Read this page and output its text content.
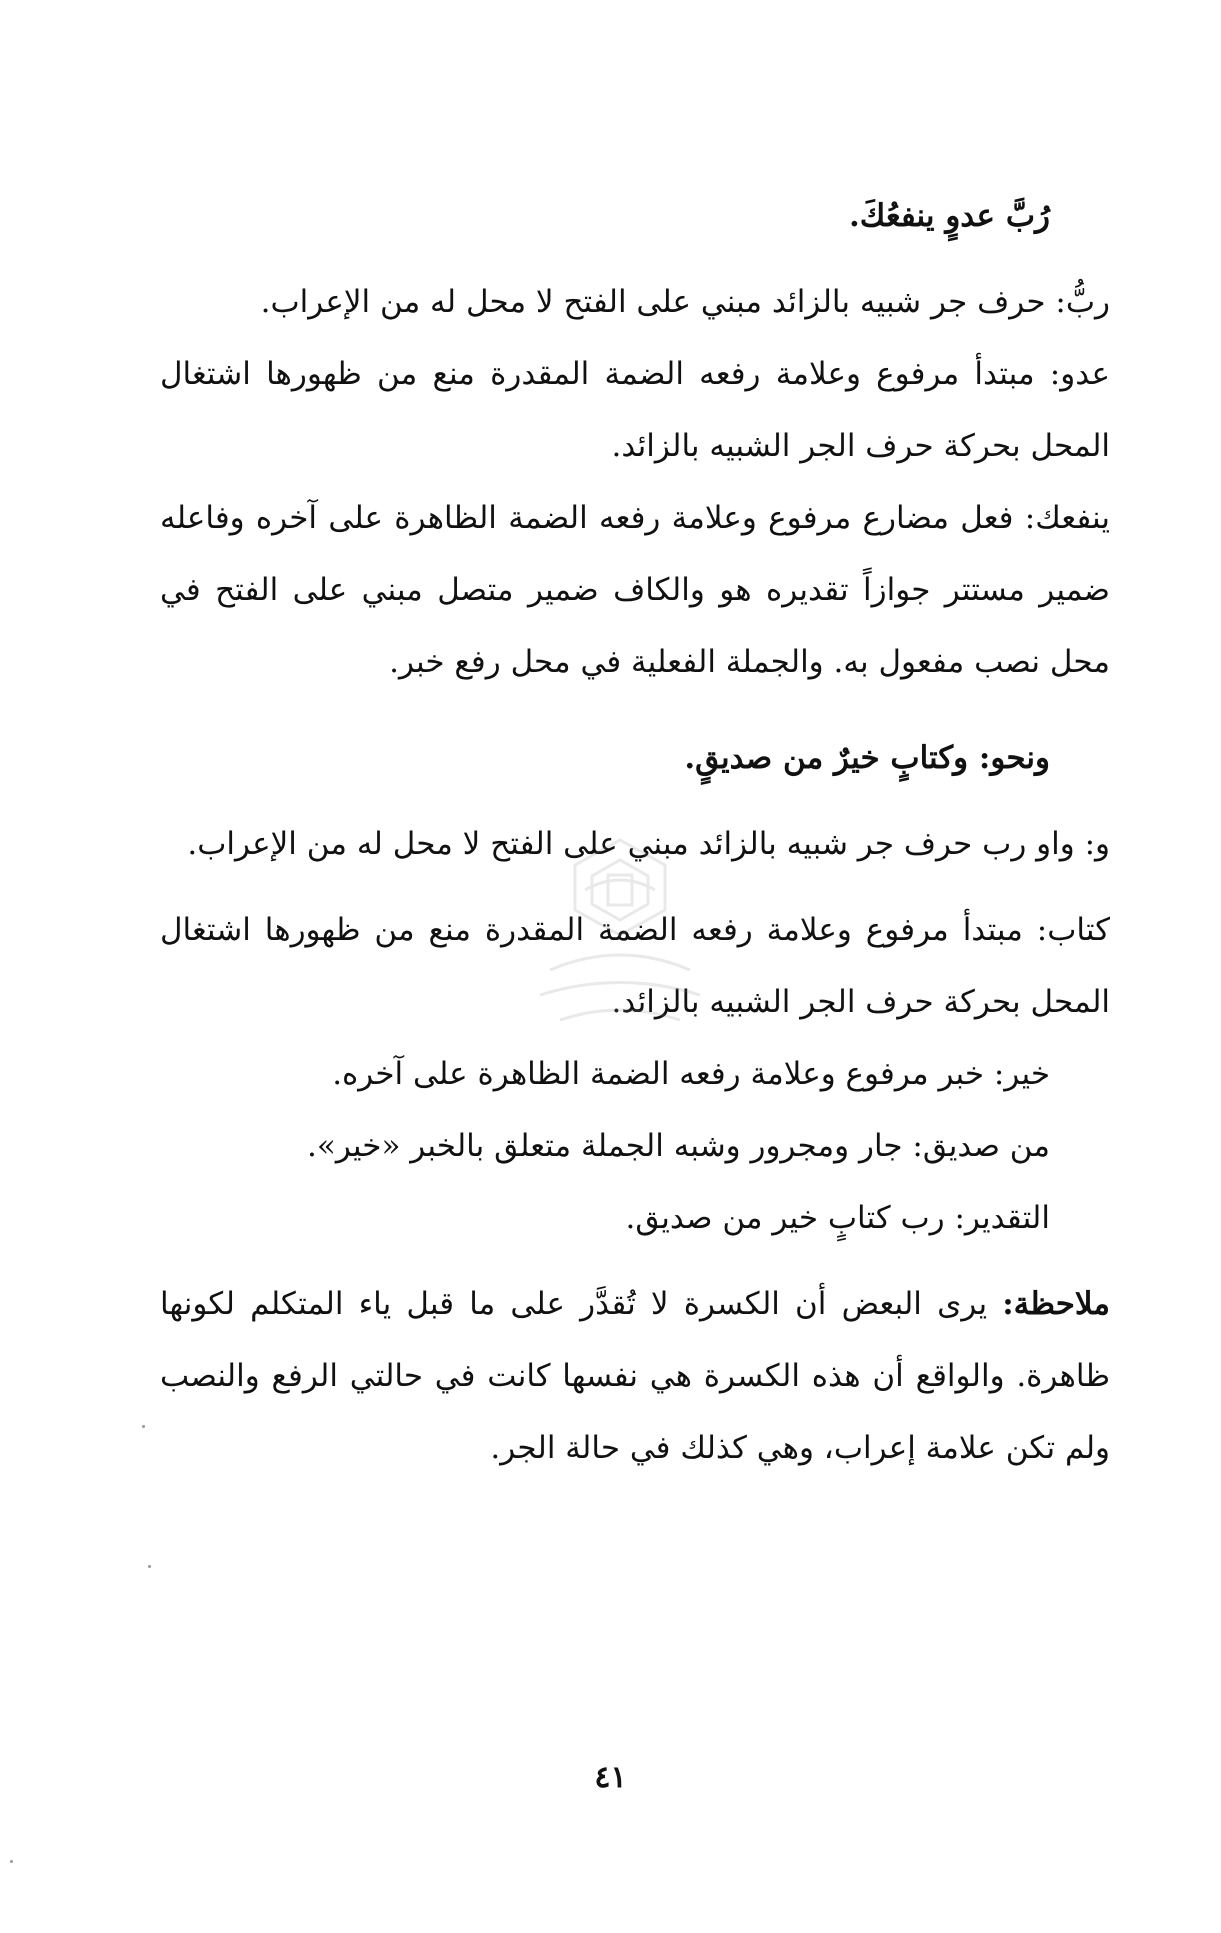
رُبَّ عدوٍ ينفعُكَ.

ربُّ: حرف جر شبيه بالزائد مبني على الفتح لا محل له من الإعراب.

عدو: مبتدأ مرفوع وعلامة رفعه الضمة المقدرة منع من ظهورها اشتغال المحل بحركة حرف الجر الشبيه بالزائد.

ينفعك: فعل مضارع مرفوع وعلامة رفعه الضمة الظاهرة على آخره وفاعله ضمير مستتر جوازاً تقديره هو والكاف ضمير متصل مبني على الفتح في محل نصب مفعول به. والجملة الفعلية في محل رفع خبر.

ونحو: وكتابٍ خيرٌ من صديقٍ.

و: واو رب حرف جر شبيه بالزائد مبني على الفتح لا محل له من الإعراب.

كتاب: مبتدأ مرفوع وعلامة رفعه الضمة المقدرة منع من ظهورها اشتغال المحل بحركة حرف الجر الشبيه بالزائد.

خير: خبر مرفوع وعلامة رفعه الضمة الظاهرة على آخره.

من صديق: جار ومجرور وشبه الجملة متعلق بالخبر «خير».

التقدير: رب كتابٍ خير من صديق.

ملاحظة: يرى البعض أن الكسرة لا تُقدَّر على ما قبل ياء المتكلم لكونها ظاهرة. والواقع أن هذه الكسرة هي نفسها كانت في حالتي الرفع والنصب ولم تكن علامة إعراب، وهي كذلك في حالة الجر.

٤١
